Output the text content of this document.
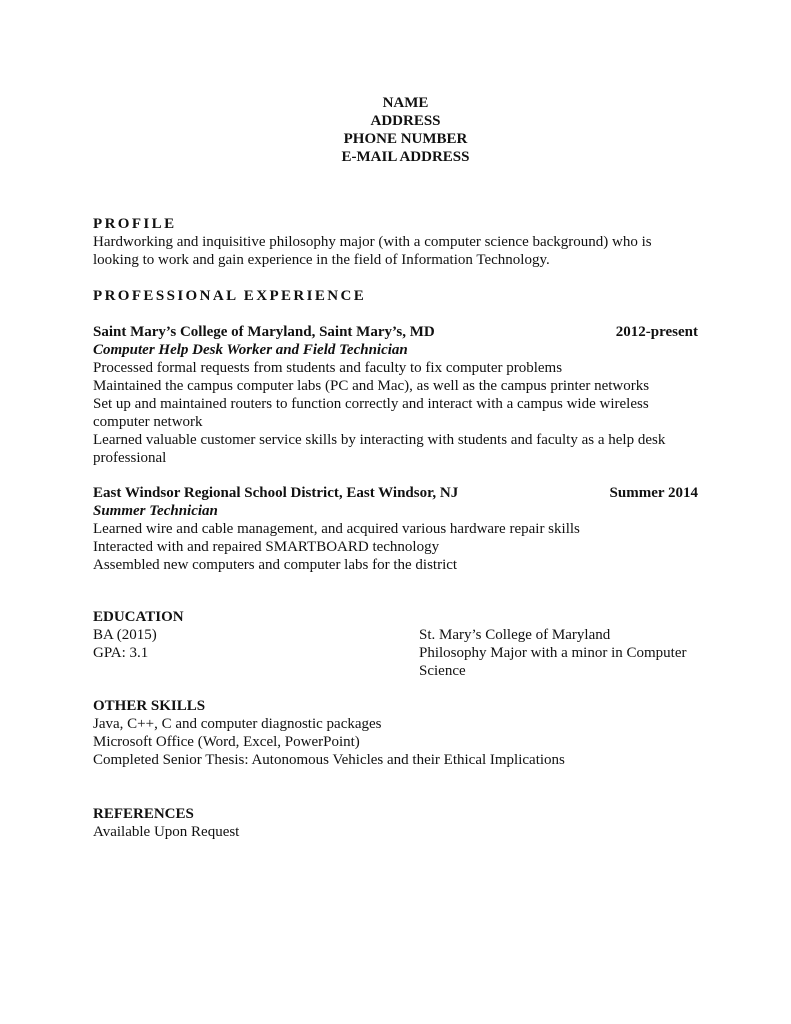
NAME
ADDRESS
PHONE NUMBER
E-MAIL ADDRESS
PROFILE
Hardworking and inquisitive philosophy major (with a computer science background) who is
looking to work and gain experience in the field of Information Technology.
PROFESSIONAL EXPERIENCE
Saint Mary’s College of Maryland, Saint Mary’s, MD	2012-present
Computer Help Desk Worker and Field Technician
Processed formal requests from students and faculty to fix computer problems
Maintained the campus computer labs (PC and Mac), as well as the campus printer networks
Set up and maintained routers to function correctly and interact with a campus wide wireless
computer network
Learned valuable customer service skills by interacting with students and faculty as a help desk
professional
East Windsor Regional School District, East Windsor, NJ	Summer 2014
Summer Technician
Learned wire and cable management, and acquired various hardware repair skills
Interacted with and repaired SMARTBOARD technology
Assembled new computers and computer labs for the district
EDUCATION
BA (2015)
GPA: 3.1
St. Mary’s College of Maryland
Philosophy Major with a minor in Computer
Science
OTHER SKILLS
Java, C++, C and computer diagnostic packages
Microsoft Office (Word, Excel, PowerPoint)
Completed Senior Thesis: Autonomous Vehicles and their Ethical Implications
REFERENCES
Available Upon Request
